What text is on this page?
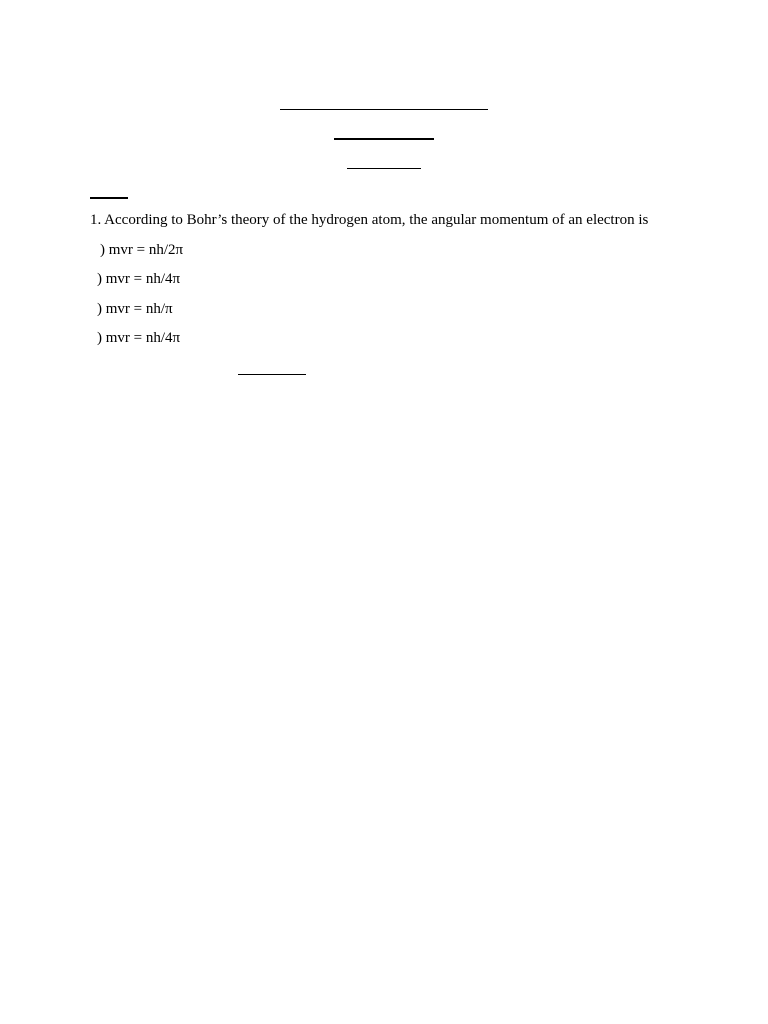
1. According to Bohr’s theory of the hydrogen atom, the angular momentum of an electron is
) mvr = nh/2π
) mvr = nh/4π
) mvr = nh/π
) mvr = nh/4π
